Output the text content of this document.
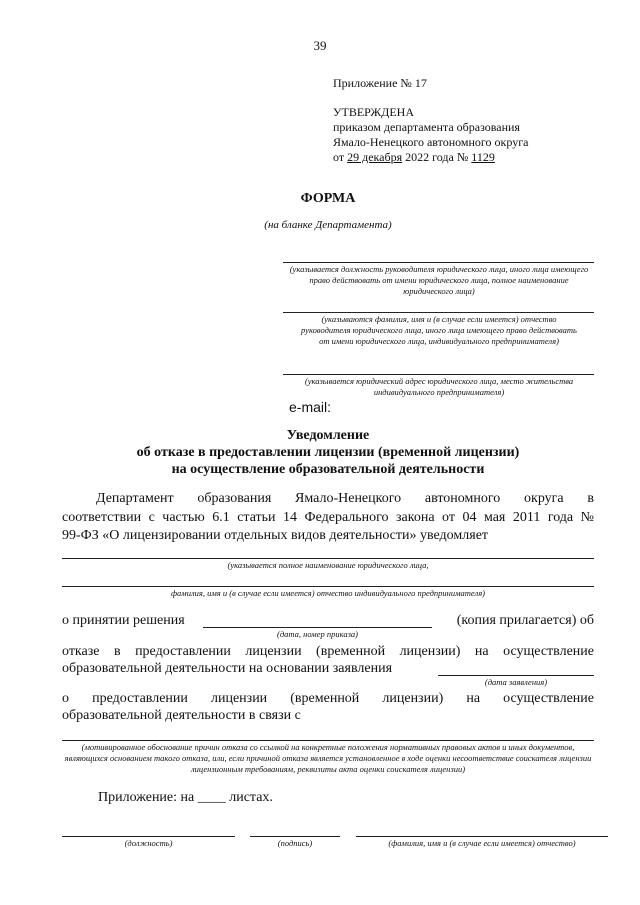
39
Приложение № 17
УТВЕРЖДЕНА
приказом департамента образования
Ямало-Ненецкого автономного округа
от 29 декабря 2022 года № 1129
ФОРМА
(на бланке Департамента)
(указывается должность руководителя юридического лица, иного лица имеющего право действовать от имени юридического лица, полное наименование юридического лица)
(указываются фамилия, имя и (в случае если имеется) отчество руководителя юридического лица, иного лица имеющего право действовать от имени юридического лица, индивидуального предпринимателя)
(указывается юридический адрес юридического лица, место жительства индивидуального предпринимателя)
e-mail:
Уведомление
об отказе в предоставлении лицензии (временной лицензии)
на осуществление образовательной деятельности
Департамент образования Ямало-Ненецкого автономного округа в
соответствии с частью 6.1 статьи 14 Федерального закона от 04 мая 2011 года №
99-ФЗ «О лицензировании отдельных видов деятельности» уведомляет
(указывается полное наименование юридического лица,
фамилия, имя и (в случае если имеется) отчество индивидуального предпринимателя)
о принятии решения	(копия прилагается) об
(дата, номер приказа)
отказе в предоставлении лицензии (временной лицензии) на осуществление
образовательной деятельности на основании заявления
(дата заявления)
о предоставлении лицензии (временной лицензии) на осуществление
образовательной деятельности в связи с
(мотивированное обоснование причин отказа со ссылкой на конкретные положения нормативных правовых актов и иных документов, являющихся основанием такого отказа, или, если причиной отказа является установленное в ходе оценки несоответствие соискателя лицензии лицензионным требованиям, реквизиты акта оценки соискателя лицензии)
Приложение: на ____ листах.
(должность)	(подпись)	(фамилия, имя и (в случае если имеется) отчество)
